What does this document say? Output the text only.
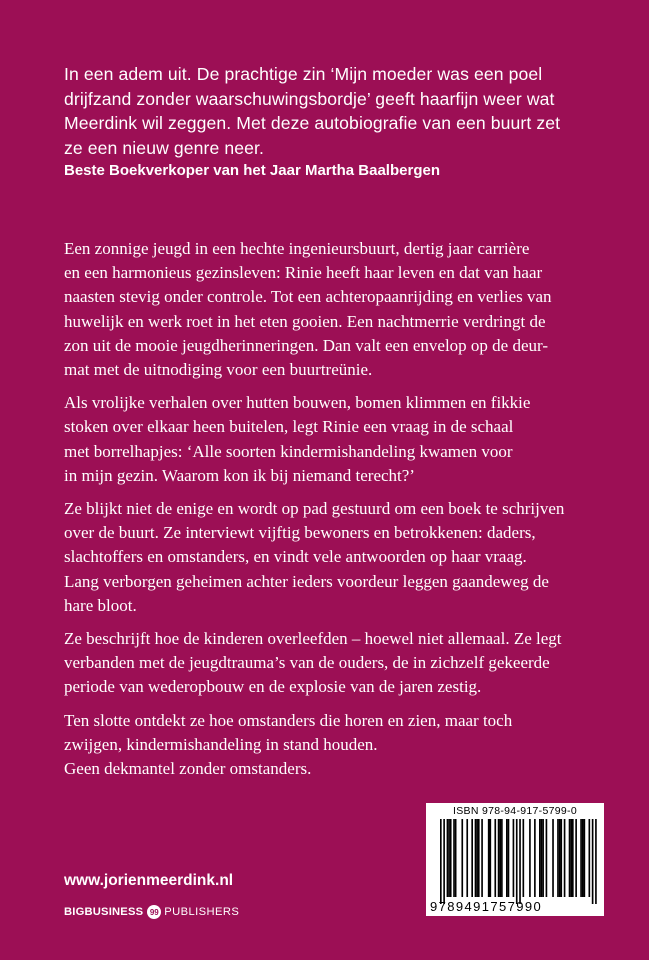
In een adem uit. De prachtige zin ‘Mijn moeder was een poel
drijfzand zonder waarschuwingsbordje’ geeft haarfijn weer wat
Meerdink wil zeggen. Met deze autobiografie van een buurt zet
ze een nieuw genre neer.
Beste Boekverkoper van het Jaar Martha Baalbergen

Een zonnige jeugd in een hechte ingenieursbuurt, dertig jaar carrière
en een harmonieus gezinsleven: Rinie heeft haar leven en dat van haar
naasten stevig onder controle. Tot een achteropaanrijding en verlies van
huwelijk en werk roet in het eten gooien. Een nachtmerrie verdringt de
zon uit de mooie jeugdherinneringen. Dan valt een envelop op de deur-
mat met de uitnodiging voor een buurtreünie.

Als vrolijke verhalen over hutten bouwen, bomen klimmen en fikkie
stoken over elkaar heen buitelen, legt Rinie een vraag in de schaal
met borrelhapjes: ‘Alle soorten kindermishandeling kwamen voor
in mijn gezin. Waarom kon ik bij niemand terecht?’

Ze blijkt niet de enige en wordt op pad gestuurd om een boek te schrijven
over de buurt. Ze interviewt vijftig bewoners en betrokkenen: daders,
slachtoffers en omstanders, en vindt vele antwoorden op haar vraag.
Lang verborgen geheimen achter ieders voordeur leggen gaandeweg de
hare bloot.

Ze beschrijft hoe de kinderen overleefden – hoewel niet allemaal. Ze legt
verbanden met de jeugdtrauma’s van de ouders, de in zichzelf gekeerde
periode van wederopbouw en de explosie van de jaren zestig.

Ten slotte ontdekt ze hoe omstanders die horen en zien, maar toch
zwijgen, kindermishandeling in stand houden.
Geen dekmantel zonder omstanders.

www.jorienmeerdink.nl
BIGBUSINESS 99 PUBLISHERS
ISBN 978-94-917-5799-0
9789491757990
